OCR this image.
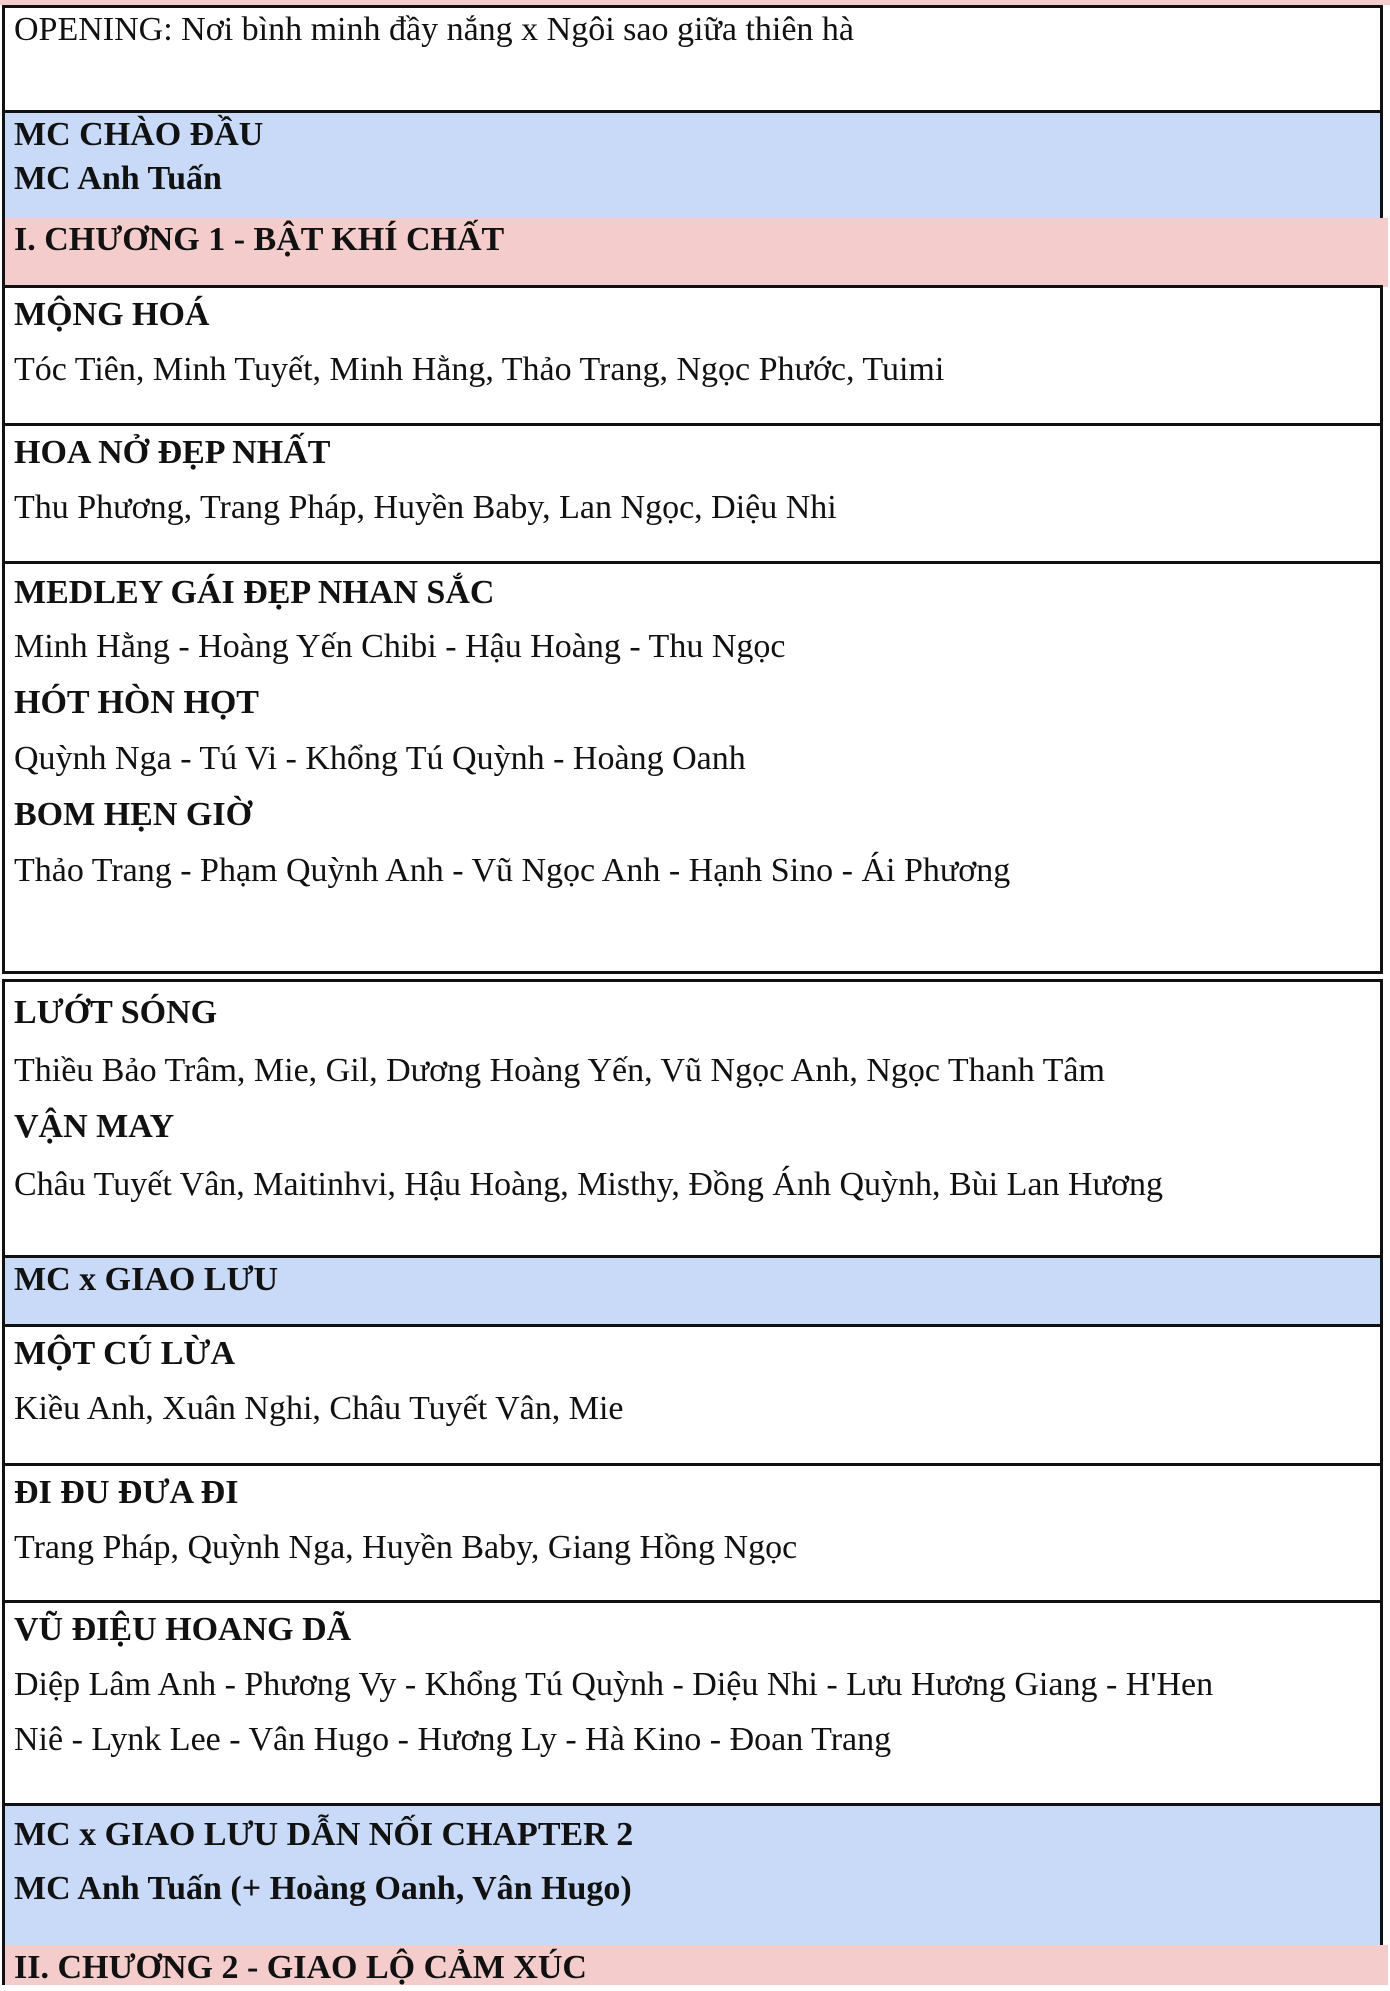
OPENING: Nơi bình minh đầy nắng x Ngôi sao giữa thiên hà
MC CHÀO ĐẦU
MC Anh Tuấn
I. CHƯƠNG 1 - BẬT KHÍ CHẤT
MỘNG HOÁ
Tóc Tiên, Minh Tuyết, Minh Hằng, Thảo Trang, Ngọc Phước, Tuimi
HOA NỞ ĐẸP NHẤT
Thu Phương, Trang Pháp, Huyền Baby, Lan Ngọc, Diệu Nhi
MEDLEY GÁI ĐẸP NHAN SẮC
Minh Hằng - Hoàng Yến Chibi - Hậu Hoàng - Thu Ngọc
HÓT HÒN HỌT
Quỳnh Nga - Tú Vi - Khổng Tú Quỳnh - Hoàng Oanh
BOM HẸN GIỜ
Thảo Trang - Phạm Quỳnh Anh - Vũ Ngọc Anh - Hạnh Sino - Ái Phương
LƯỚT SÓNG
Thiều Bảo Trâm, Mie, Gil, Dương Hoàng Yến, Vũ Ngọc Anh, Ngọc Thanh Tâm
VẬN MAY
Châu Tuyết Vân, Maitinhvi, Hậu Hoàng, Misthy, Đồng Ánh Quỳnh, Bùi Lan Hương
MC x GIAO LƯU
MỘT CÚ LỪA
Kiều Anh, Xuân Nghi, Châu Tuyết Vân, Mie
ĐI ĐU ĐƯA ĐI
Trang Pháp, Quỳnh Nga, Huyền Baby, Giang Hồng Ngọc
VŨ ĐIỆU HOANG DÃ
Diệp Lâm Anh - Phương Vy - Khổng Tú Quỳnh - Diệu Nhi - Lưu Hương Giang - H'Hen
Niê - Lynk Lee - Vân Hugo - Hương Ly - Hà Kino - Đoan Trang
MC x GIAO LƯU DẪN NỐI CHAPTER 2
MC Anh Tuấn (+ Hoàng Oanh, Vân Hugo)
II. CHƯƠNG 2 - GIAO LỘ CẢM XÚC
